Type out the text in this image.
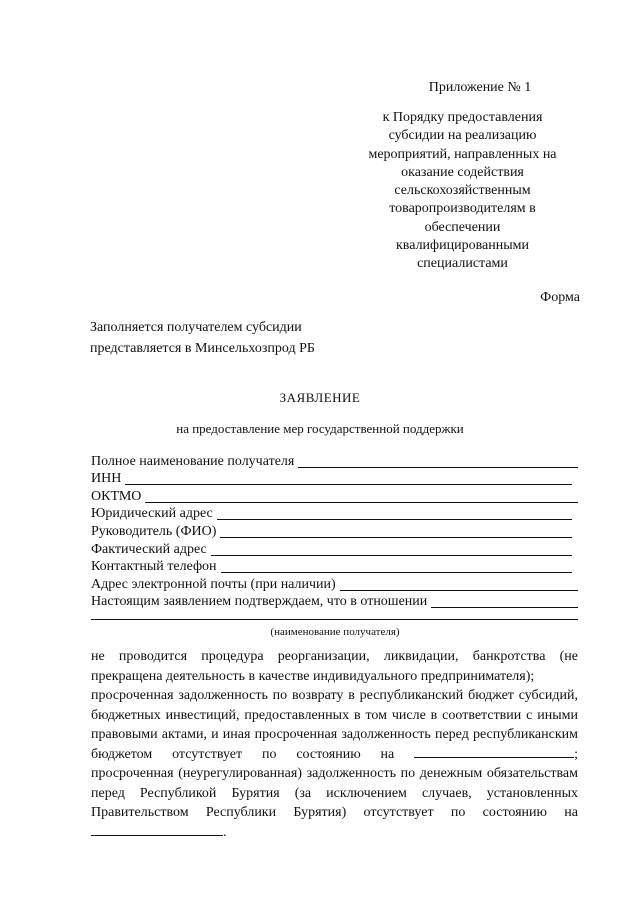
Приложение № 1
к Порядку предоставления
субсидии на реализацию
мероприятий, направленных на
оказание содействия
сельскохозяйственным
товаропроизводителям в
обеспечении
квалифицированными
специалистами
Форма
Заполняется получателем субсидии
представляется в Минсельхозпрод РБ
ЗАЯВЛЕНИЕ
на предоставление мер государственной поддержки
Полное наименование получателя
ИНН
ОКТМО
Юридический адрес
Руководитель (ФИО)
Фактический адрес
Контактный телефон
Адрес электронной почты (при наличии)
Настоящим заявлением подтверждаем, что в отношении
(наименование получателя)

не проводится процедура реорганизации, ликвидации, банкротства (не прекращена деятельность в качестве индивидуального предпринимателя);

просроченная задолженность по возврату в республиканский бюджет субсидий, бюджетных инвестиций, предоставленных в том числе в соответствии с иными правовыми актами, и иная просроченная задолженность перед республиканским бюджетом отсутствует по состоянию на	; просроченная (неурегулированная) задолженность по денежным обязательствам перед Республикой Бурятия (за исключением случаев, установленных Правительством Республики Бурятия) отсутствует по состоянию на .
